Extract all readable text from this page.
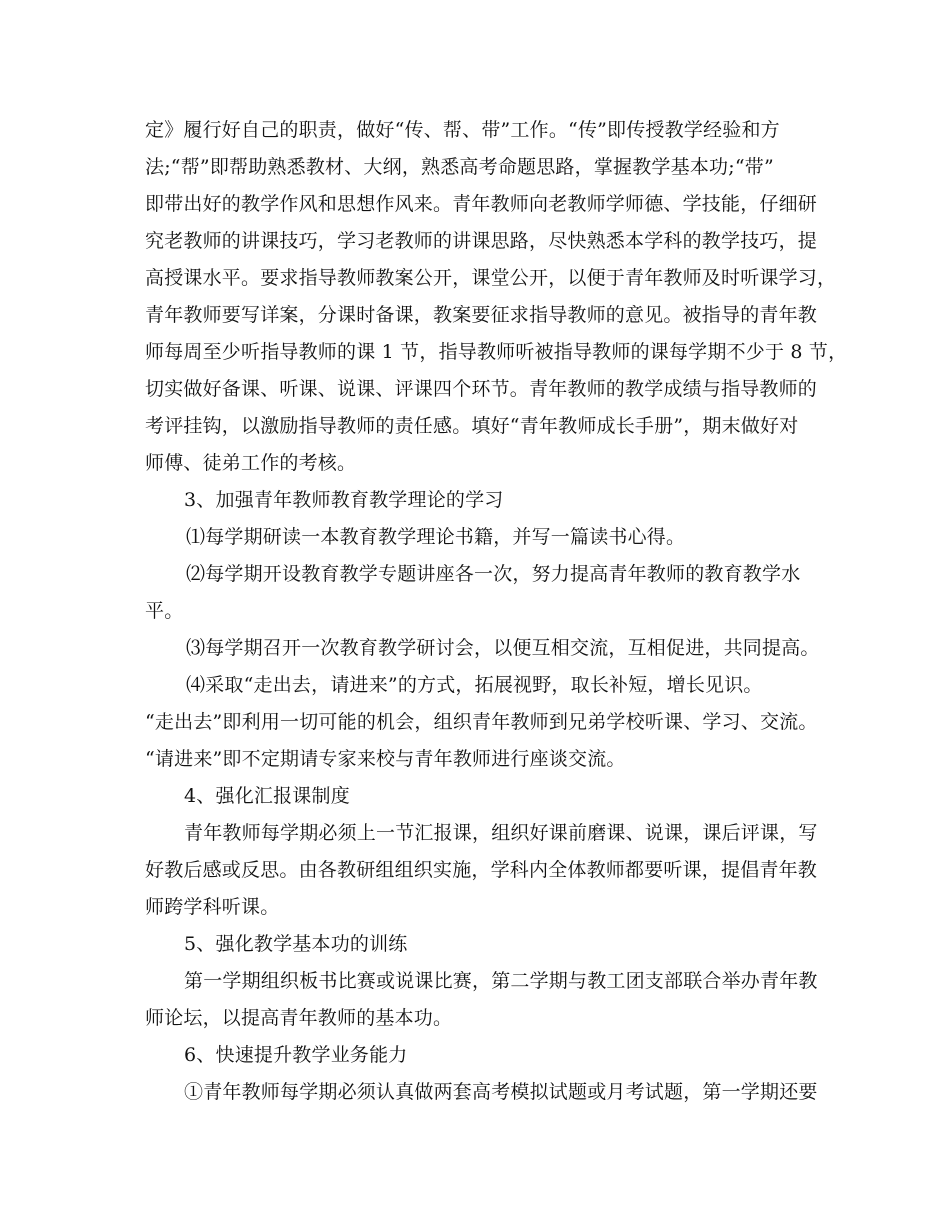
定》履行好自己的职责，做好“传、帮、带”工作。“传”即传授教学经验和方
法;“帮”即帮助熟悉教材、大纲，熟悉高考命题思路，掌握教学基本功;“带”
即带出好的教学作风和思想作风来。青年教师向老教师学师德、学技能，仔细研
究老教师的讲课技巧，学习老教师的讲课思路，尽快熟悉本学科的教学技巧，提
高授课水平。要求指导教师教案公开，课堂公开，以便于青年教师及时听课学习，
青年教师要写详案，分课时备课，教案要征求指导教师的意见。被指导的青年教
师每周至少听指导教师的课 1 节，指导教师听被指导教师的课每学期不少于 8 节，
切实做好备课、听课、说课、评课四个环节。青年教师的教学成绩与指导教师的
考评挂钩，以激励指导教师的责任感。填好“青年教师成长手册”，期末做好对
师傅、徒弟工作的考核。
3、加强青年教师教育教学理论的学习
⑴每学期研读一本教育教学理论书籍，并写一篇读书心得。
⑵每学期开设教育教学专题讲座各一次，努力提高青年教师的教育教学水
平。
⑶每学期召开一次教育教学研讨会，以便互相交流，互相促进，共同提高。
⑷采取“走出去，请进来”的方式，拓展视野，取长补短，增长见识。
“走出去”即利用一切可能的机会，组织青年教师到兄弟学校听课、学习、交流。
“请进来”即不定期请专家来校与青年教师进行座谈交流。
4、强化汇报课制度
青年教师每学期必须上一节汇报课，组织好课前磨课、说课，课后评课，写
好教后感或反思。由各教研组组织实施，学科内全体教师都要听课，提倡青年教
师跨学科听课。
5、强化教学基本功的训练
第一学期组织板书比赛或说课比赛，第二学期与教工团支部联合举办青年教
师论坛，以提高青年教师的基本功。
6、快速提升教学业务能力
①青年教师每学期必须认真做两套高考模拟试题或月考试题，第一学期还要
